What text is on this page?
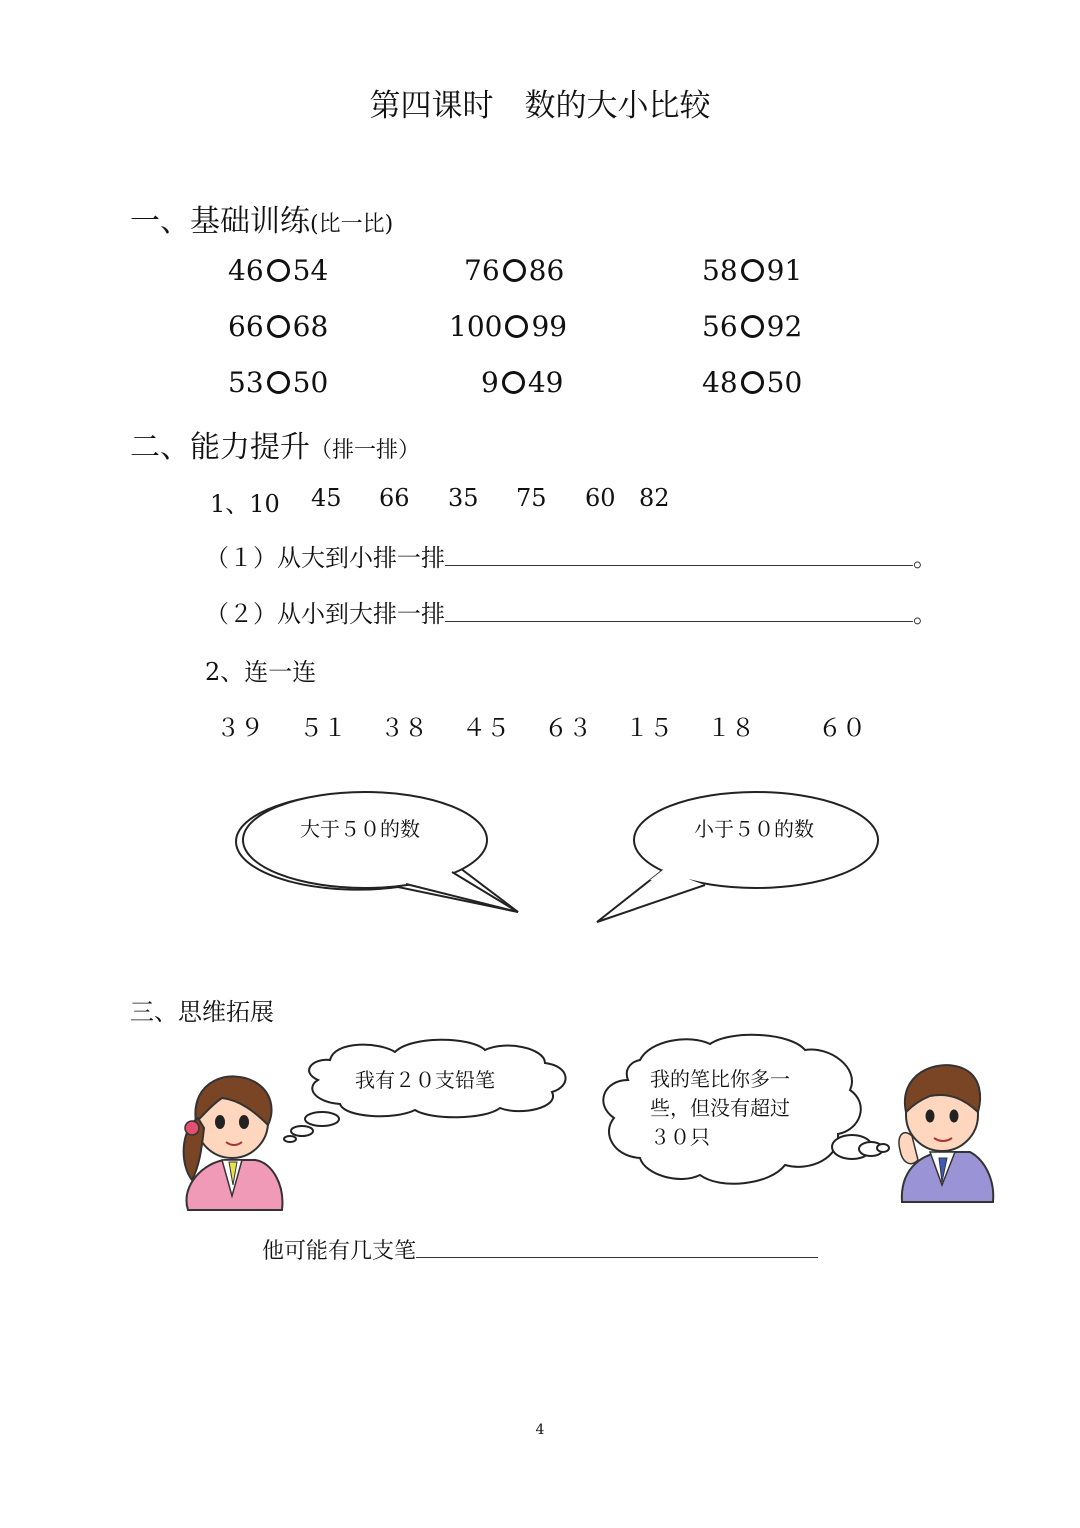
第四课时　数的大小比较
一、基础训练(比一比)
46 54	76 86	58 91
66 68	100 99	56 92
53 50	9 49	48 50
二、能力提升（排一排）
1、10 45 66 35 75 60 82
（１）从大到小排一排	。
（２）从小到大排一排	。
2、连一连
３９ ５１ ３８ ４５ ６３ １５ １８	６０
大于５０的数	小于５０的数
三、思维拓展
我有２０支铅笔	我的笔比你多一
些，但没有超过
３０只
他可能有几支笔
4
